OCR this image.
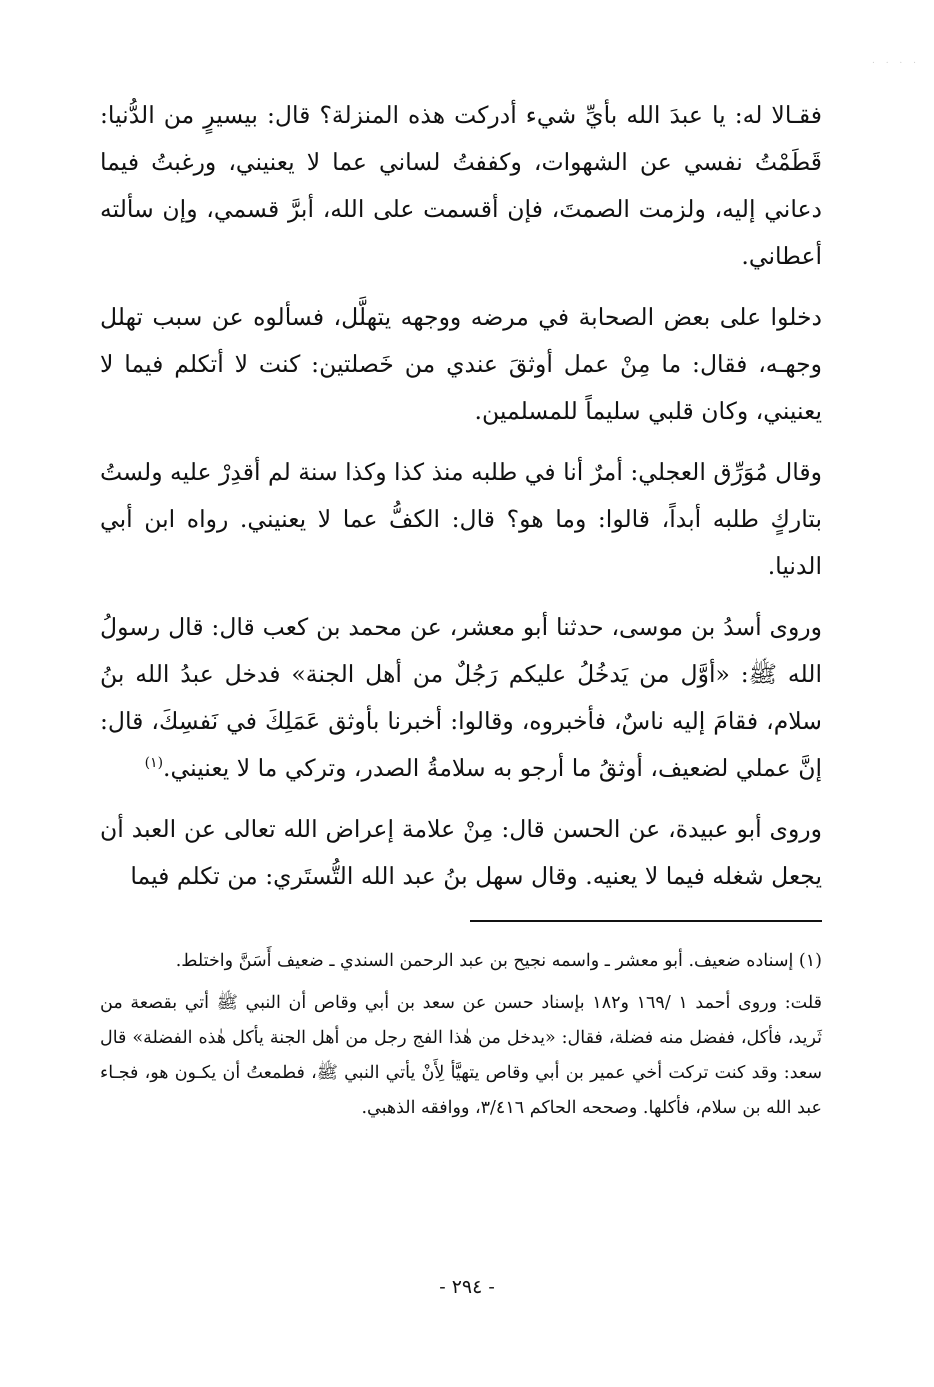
. . . .

فقـالا له: يا عبدَ الله بأيِّ شيء أدركت هذه المنزلة؟ قال: بيسيرٍ من الدُّنيا: قَطَمْتُ نفسي عن الشهوات، وكففتُ لساني عما لا يعنيني، ورغبتُ فيما دعاني إليه، ولزمت الصمتَ، فإن أقسمت على الله، أبرَّ قسمي، وإن سألته أعطاني.

دخلوا على بعض الصحابة في مرضه ووجهه يتهلَّل، فسألوه عن سبب تهلل وجهـه، فقال: ما مِنْ عمل أوثقَ عندي من خَصلتين: كنت لا أتكلم فيما لا يعنيني، وكان قلبي سليماً للمسلمين.

وقال مُوَرِّق العجلي: أمرٌ أنا في طلبه منذ كذا وكذا سنة لم أقدِرْ عليه ولستُ بتاركٍ طلبه أبداً، قالوا: وما هو؟ قال: الكفُّ عما لا يعنيني. رواه ابن أبي الدنيا.

وروى أسدُ بن موسى، حدثنا أبو معشر، عن محمد بن كعب قال: قال رسولُ الله ﷺ: «أوَّل من يَدخُلُ عليكم رَجُلٌ من أهل الجنة» فدخل عبدُ الله بنُ سلام، فقامَ إليه ناسٌ، فأخبروه، وقالوا: أخبرنا بأوثق عَمَلِكَ في نَفسِكَ، قال: إنَّ عملي لضعيف، أوثقُ ما أرجو به سلامةُ الصدر، وتركي ما لا يعنيني.$^{(١)}$

وروى أبو عبيدة، عن الحسن قال: مِنْ علامة إعراض الله تعالى عن العبد أن يجعل شغله فيما لا يعنيه. وقال سهل بنُ عبد الله التُّستَري: من تكلم فيما

(١) إسناده ضعيف. أبو معشر ـ واسمه نجيح بن عبد الرحمن السندي ـ ضعيف أَسَنَّ واختلط.

قلت: وروى أحمد ١ /١٦٩ و١٨٢ بإسناد حسن عن سعد بن أبي وقاص أن النبي ﷺ أتي بقصعة من ثَريد، فأكل، ففضل منه فضلة، فقال: «يدخل من هٰذا الفج رجل من أهل الجنة يأكل هٰذه الفضلة» قال سعد: وقد كنت تركت أخي عمير بن أبي وقاص يتهيَّأ لِأَنْ يأتي النبي ﷺ، فطمعتُ أن يكـون هو، فجـاء عبد الله بن سلام، فأكلها. وصححه الحاكم ٣/٤١٦، ووافقه الذهبي.

- ٢٩٤ -
